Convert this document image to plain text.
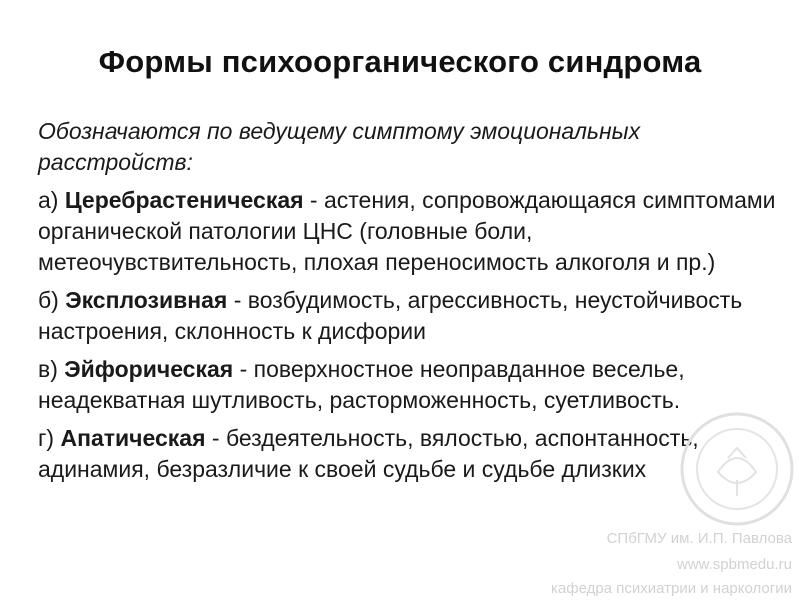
Формы психоорганического синдрома

Обозначаются по ведущему симптому эмоциональных расстройств:

а) Церебрастеническая - астения, сопровождающаяся симптомами органической патологии ЦНС (головные боли, метеочувствительность, плохая переносимость алкоголя и пр.)

б) Эксплозивная - возбудимость, агрессивность, неустойчивость настроения, склонность к дисфории

в) Эйфорическая - поверхностное неоправданное веселье, неадекватная шутливость, расторможенность, суетливость.

г) Апатическая - бездеятельность, вялостью, аспонтанность, адинамия, безразличие к своей судьбе и судьбе длизких

СПбГМУ им. И.П. Павлова
www.spbmedu.ru
кафедра психиатрии и наркологии
